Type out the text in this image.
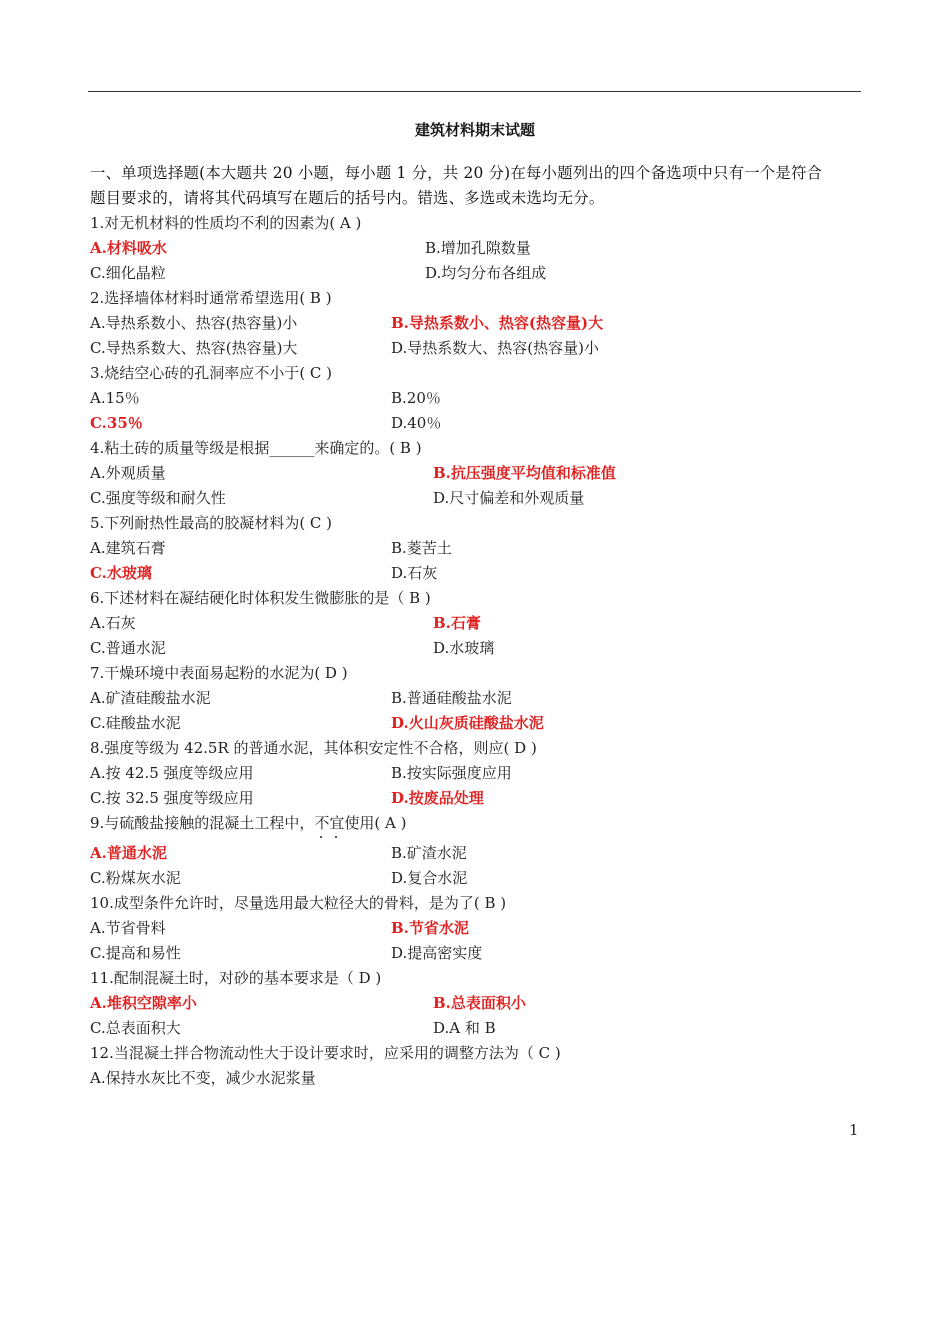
建筑材料期末试题
一、单项选择题(本大题共 20 小题，每小题 1 分，共 20 分)在每小题列出的四个备选项中只有一个是符合
题目要求的，请将其代码填写在题后的括号内。错选、多选或未选均无分。
1.对无机材料的性质均不利的因素为( A )
A.材料吸水	B.增加孔隙数量
C.细化晶粒	D.均匀分布各组成
2.选择墙体材料时通常希望选用( B )
A.导热系数小、热容(热容量)小	B.导热系数小、热容(热容量)大
C.导热系数大、热容(热容量)大	D.导热系数大、热容(热容量)小
3.烧结空心砖的孔洞率应不小于( C )
A.15％	B.20％
C.35％	D.40％
4.粘土砖的质量等级是根据______来确定的。( B )
A.外观质量	B.抗压强度平均值和标准值
C.强度等级和耐久性	D.尺寸偏差和外观质量
5.下列耐热性最高的胶凝材料为( C )
A.建筑石膏	B.菱苦土
C.水玻璃	D.石灰
6.下述材料在凝结硬化时体积发生微膨胀的是（ B )
A.石灰	B.石膏
C.普通水泥	D.水玻璃
7.干燥环境中表面易起粉的水泥为( D )
A.矿渣硅酸盐水泥	B.普通硅酸盐水泥
C.硅酸盐水泥	D.火山灰质硅酸盐水泥
8.强度等级为 42.5R 的普通水泥，其体积安定性不合格，则应( D )
A.按 42.5 强度等级应用	B.按实际强度应用
C.按 32.5 强度等级应用	D.按废品处理
9.与硫酸盐接触的混凝土工程中，不宜
使用( A )
A.普通水泥	B.矿渣水泥
C.粉煤灰水泥	D.复合水泥
10.成型条件允许时，尽量选用最大粒径大的骨料，是为了( B )
A.节省骨料	B.节省水泥
C.提高和易性	D.提高密实度
11.配制混凝土时，对砂的基本要求是（ D )
A.堆积空隙率小	B.总表面积小
C.总表面积大	D.A 和 B
12.当混凝土拌合物流动性大于设计要求时，应采用的调整方法为（ C )
A.保持水灰比不变，减少水泥浆量
1
